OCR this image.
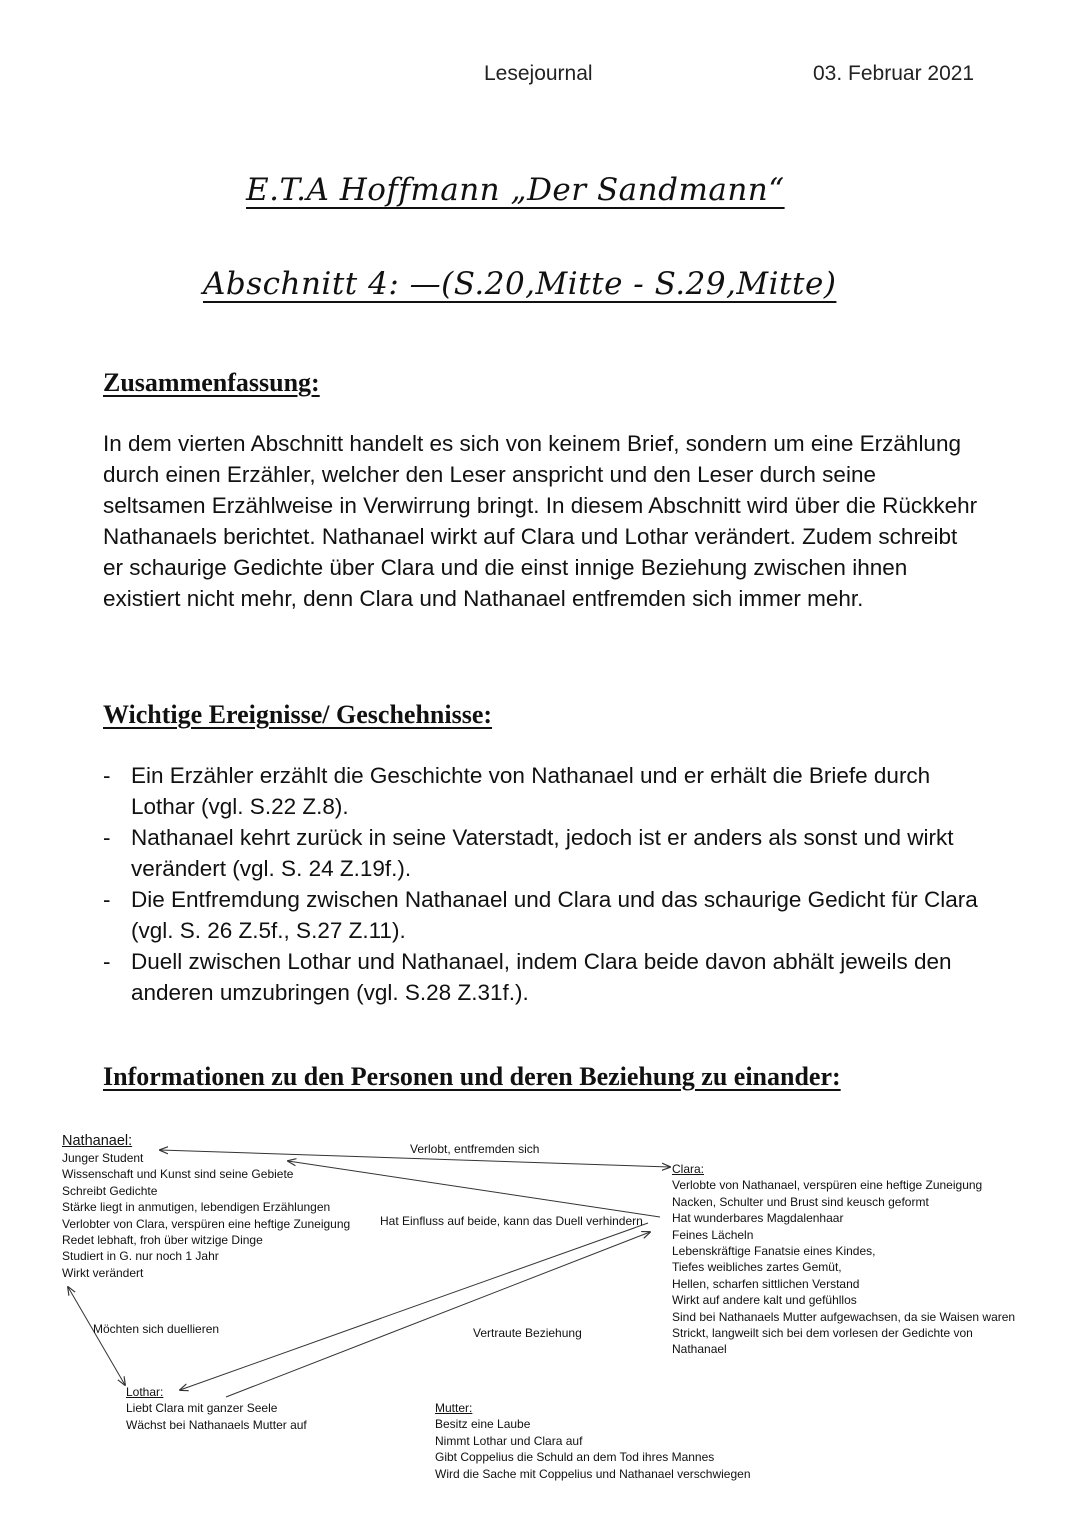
Lesejournal	03. Februar 2021
E.T.A Hoffmann „Der Sandmann“
Abschnitt 4: —(S.20,Mitte - S.29,Mitte)
Zusammenfassung:

In dem vierten Abschnitt handelt es sich von keinem Brief, sondern um eine Erzählung durch einen Erzähler, welcher den Leser anspricht und den Leser durch seine seltsamen Erzählweise in Verwirrung bringt. In diesem Abschnitt wird über die Rückkehr Nathanaels berichtet. Nathanael wirkt auf Clara und Lothar verändert. Zudem schreibt er schaurige Gedichte über Clara und die einst innige Beziehung zwischen ihnen existiert nicht mehr, denn Clara und Nathanael entfremden sich immer mehr.

Wichtige Ereignisse/ Geschehnisse:
- Ein Erzähler erzählt die Geschichte von Nathanael und er erhält die Briefe durch Lothar (vgl. S.22 Z.8).
- Nathanael kehrt zurück in seine Vaterstadt, jedoch ist er anders als sonst und wirkt verändert (vgl. S. 24 Z.19f.).
- Die Entfremdung zwischen Nathanael und Clara und das schaurige Gedicht für Clara (vgl. S. 26 Z.5f., S.27 Z.11).
- Duell zwischen Lothar und Nathanael, indem Clara beide davon abhält jeweils den anderen umzubringen (vgl. S.28 Z.31f.).
Informationen zu den Personen und deren Beziehung zu einander:
Nathanael:
Junger Student
Wissenschaft und Kunst sind seine Gebiete
Schreibt Gedichte
Stärke liegt in anmutigen, lebendigen Erzählungen
Verlobter von Clara, verspüren eine heftige Zuneigung
Redet lebhaft, froh über witzige Dinge
Studiert in G. nur noch 1 Jahr
Wirkt verändert
Verlobt, entfremden sich
Hat Einfluss auf beide, kann das Duell verhindern
Möchten sich duellieren	Vertraute Beziehung
Clara:
Verlobte von Nathanael, verspüren eine heftige Zuneigung
Nacken, Schulter und Brust sind keusch geformt
Hat wunderbares Magdalenhaar
Feines Lächeln
Lebenskräftige Fanatsie eines Kindes,
Tiefes weibliches zartes Gemüt,
Hellen, scharfen sittlichen Verstand
Wirkt auf andere kalt und gefühllos
Sind bei Nathanaels Mutter aufgewachsen, da sie Waisen waren
Strickt, langweilt sich bei dem vorlesen der Gedichte von
Nathanael
Lothar:
Liebt Clara mit ganzer Seele
Wächst bei Nathanaels Mutter auf
Mutter:
Besitz eine Laube
Nimmt Lothar und Clara auf
Gibt Coppelius die Schuld an dem Tod ihres Mannes
Wird die Sache mit Coppelius und Nathanael verschwiegen
